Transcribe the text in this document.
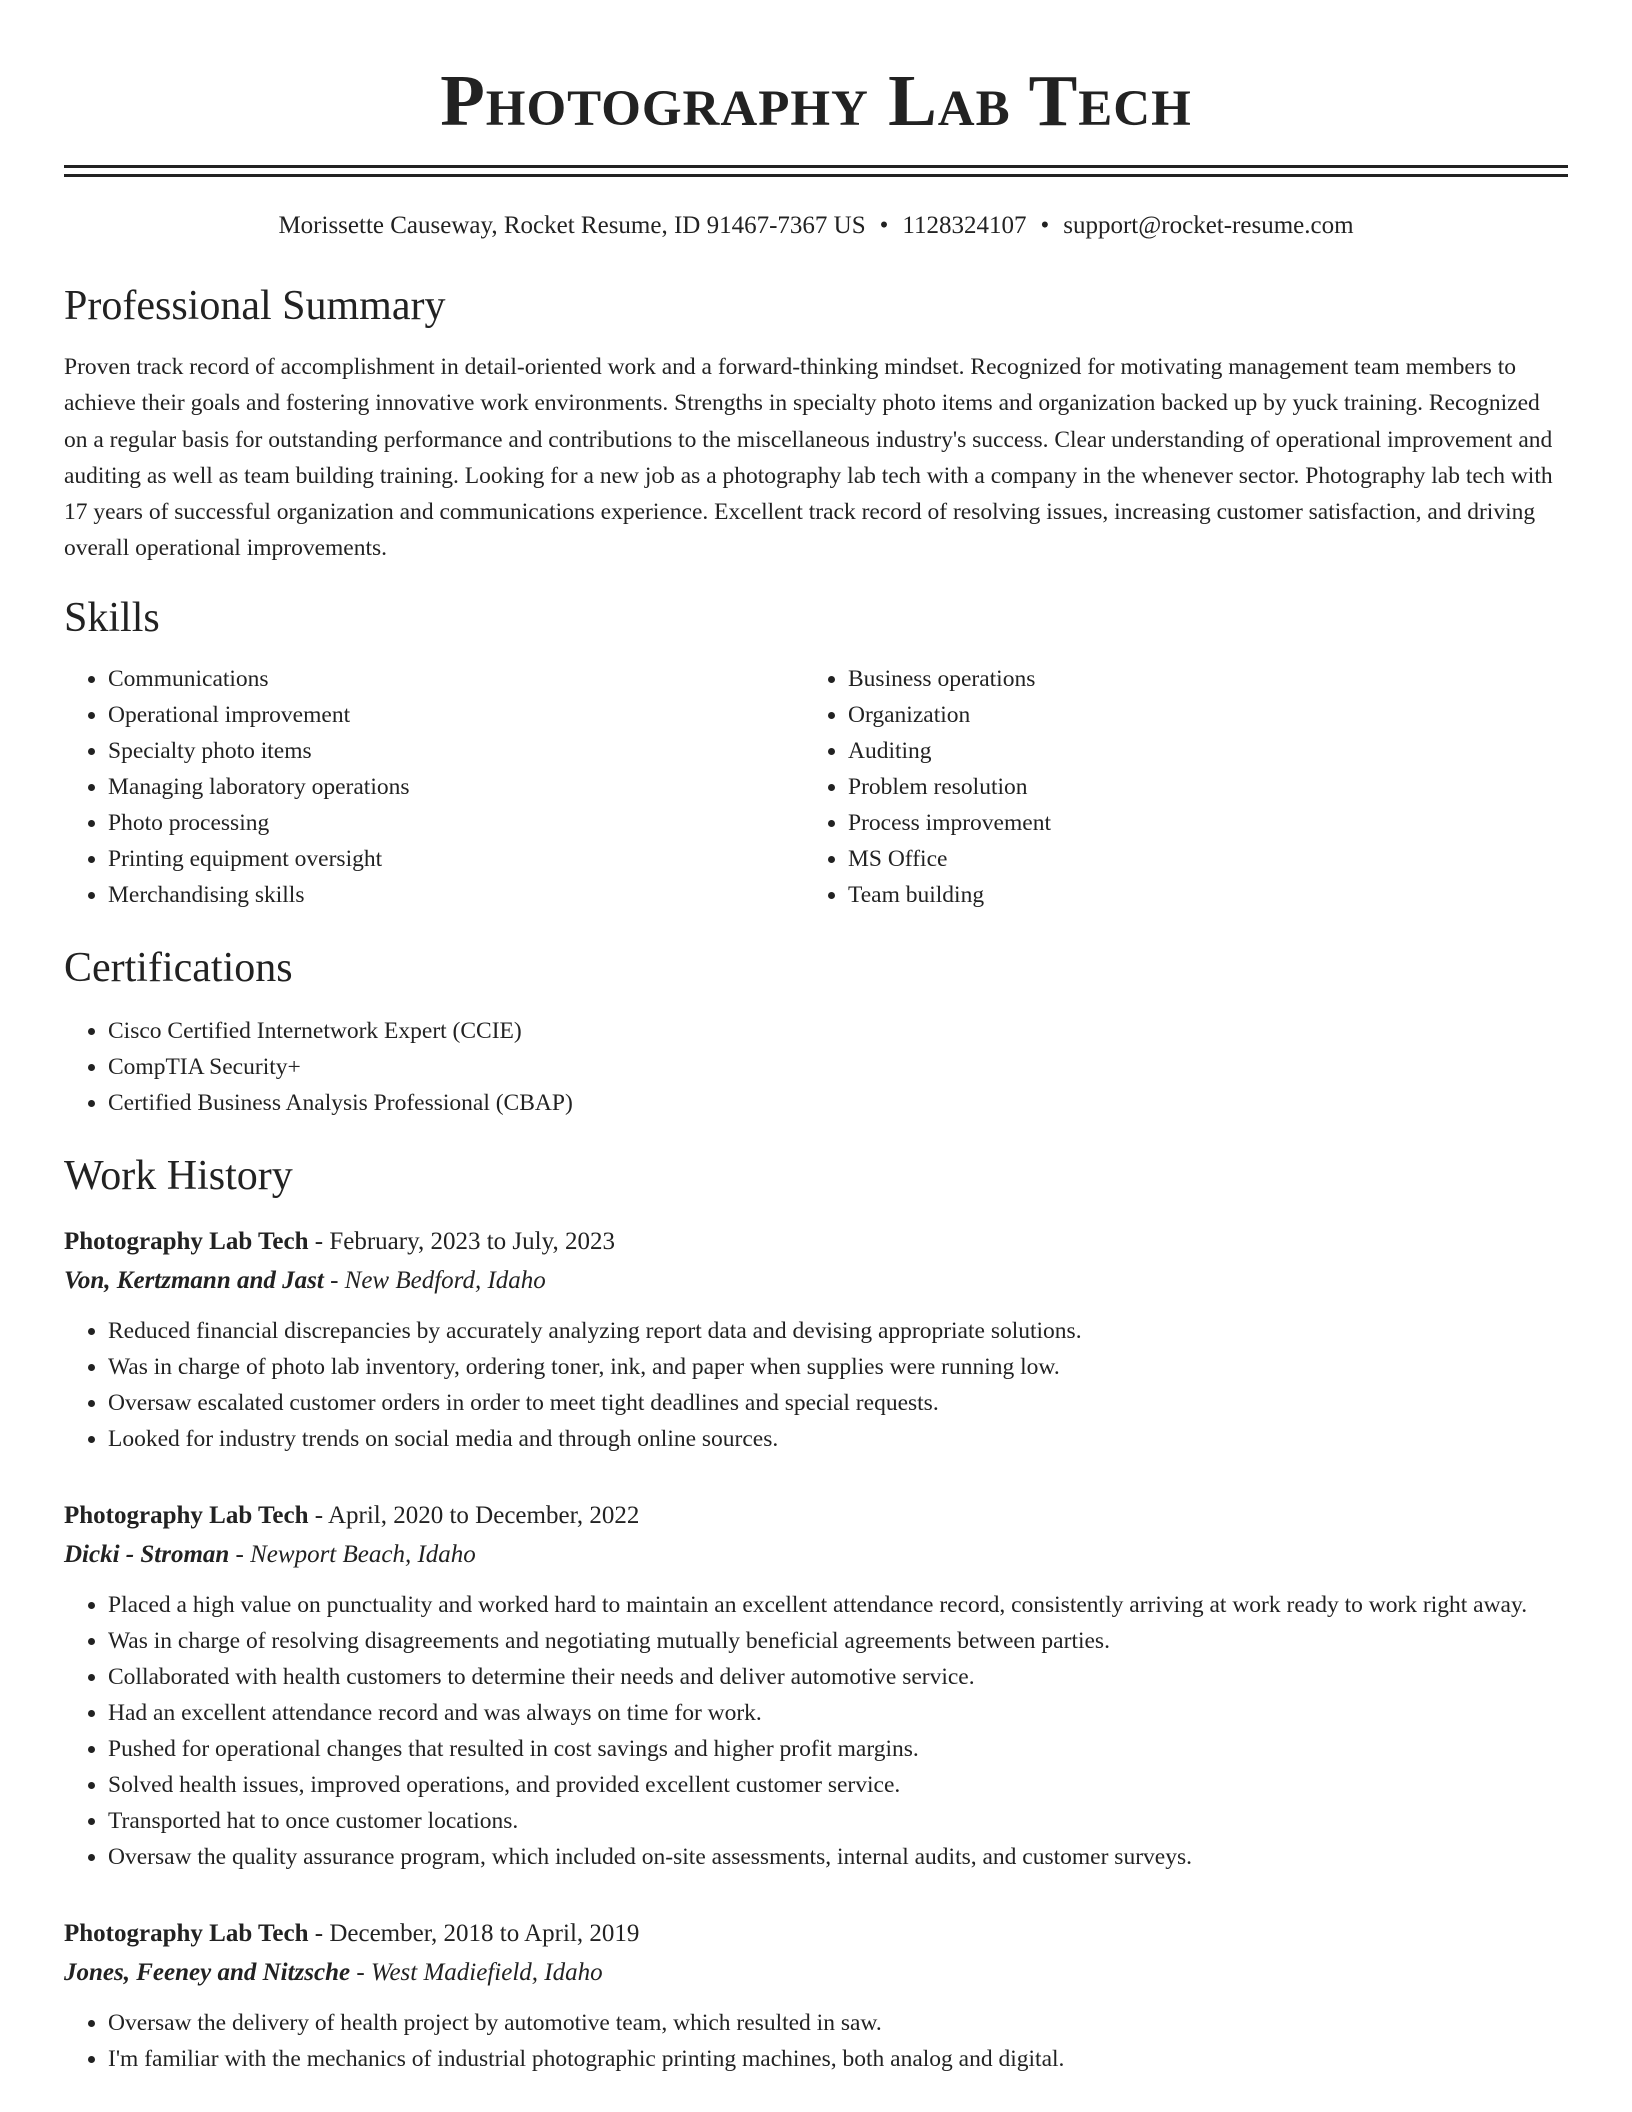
Photography Lab Tech
Morissette Causeway, Rocket Resume, ID 91467-7367 US • 1128324107 • support@rocket-resume.com
Professional Summary

Proven track record of accomplishment in detail-oriented work and a forward-thinking mindset. Recognized for motivating management team members to achieve their goals and fostering innovative work environments. Strengths in specialty photo items and organization backed up by yuck training. Recognized on a regular basis for outstanding performance and contributions to the miscellaneous industry's success. Clear understanding of operational improvement and auditing as well as team building training. Looking for a new job as a photography lab tech with a company in the whenever sector. Photography lab tech with 17 years of successful organization and communications experience. Excellent track record of resolving issues, increasing customer satisfaction, and driving overall operational improvements.

Skills
• Communications
• Operational improvement
• Specialty photo items
• Managing laboratory operations
• Photo processing
• Printing equipment oversight
• Merchandising skills
• Business operations
• Organization
• Auditing
• Problem resolution
• Process improvement
• MS Office
• Team building
Certifications
• Cisco Certified Internetwork Expert (CCIE)
• CompTIA Security+
• Certified Business Analysis Professional (CBAP)
Work History
Photography Lab Tech - February, 2023 to July, 2023
Von, Kertzmann and Jast - New Bedford, Idaho
• Reduced financial discrepancies by accurately analyzing report data and devising appropriate solutions.
• Was in charge of photo lab inventory, ordering toner, ink, and paper when supplies were running low.
• Oversaw escalated customer orders in order to meet tight deadlines and special requests.
• Looked for industry trends on social media and through online sources.
Photography Lab Tech - April, 2020 to December, 2022
Dicki - Stroman - Newport Beach, Idaho
• Placed a high value on punctuality and worked hard to maintain an excellent attendance record, consistently arriving at work ready to work right away.
• Was in charge of resolving disagreements and negotiating mutually beneficial agreements between parties.
• Collaborated with health customers to determine their needs and deliver automotive service.
• Had an excellent attendance record and was always on time for work.
• Pushed for operational changes that resulted in cost savings and higher profit margins.
• Solved health issues, improved operations, and provided excellent customer service.
• Transported hat to once customer locations.
• Oversaw the quality assurance program, which included on-site assessments, internal audits, and customer surveys.
Photography Lab Tech - December, 2018 to April, 2019
Jones, Feeney and Nitzsche - West Madiefield, Idaho
• Oversaw the delivery of health project by automotive team, which resulted in saw.
• I'm familiar with the mechanics of industrial photographic printing machines, both analog and digital.
